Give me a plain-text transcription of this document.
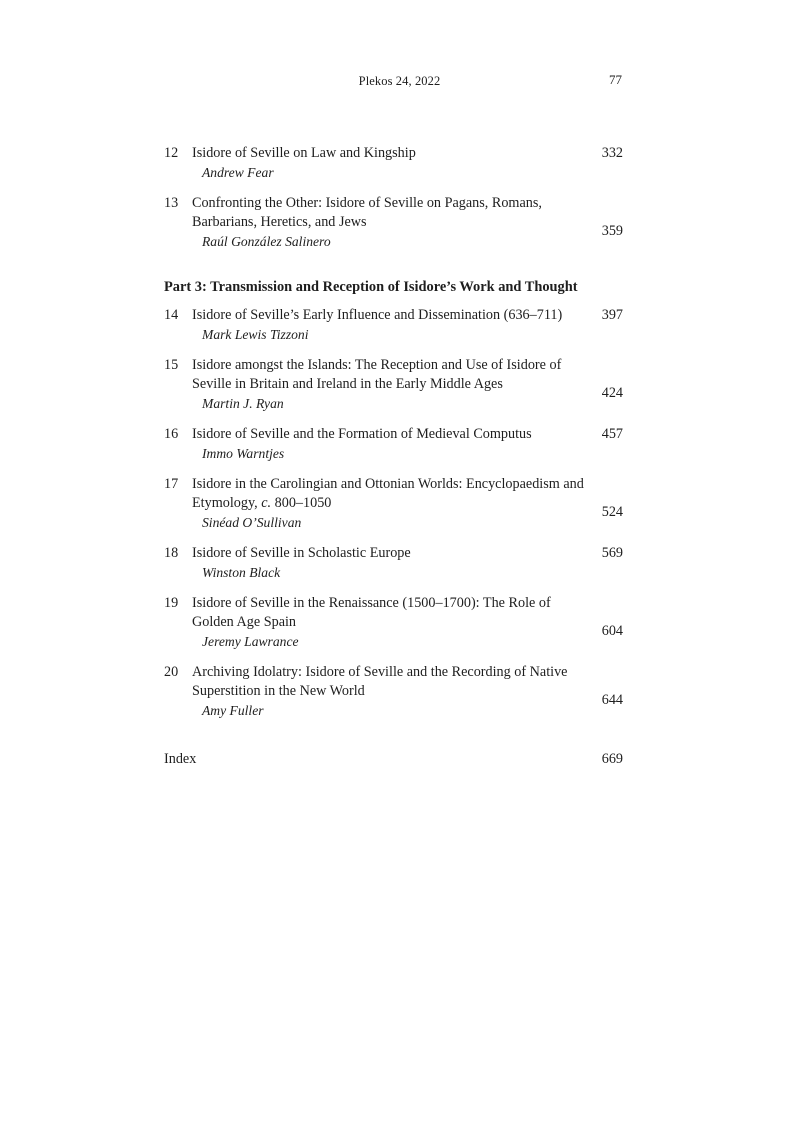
Plekos 24, 2022	77
12 Isidore of Seville on Law and Kingship
Andrew Fear
332
13 Confronting the Other: Isidore of Seville on Pagans, Romans, Barbarians, Heretics, and Jews
Raúl González Salinero
359
Part 3: Transmission and Reception of Isidore’s Work and Thought
14 Isidore of Seville’s Early Influence and Dissemination (636–711)
Mark Lewis Tizzoni
397
15 Isidore amongst the Islands: The Reception and Use of Isidore of Seville in Britain and Ireland in the Early Middle Ages
Martin J. Ryan
424
16 Isidore of Seville and the Formation of Medieval Computus
Immo Warntjes
457
17 Isidore in the Carolingian and Ottonian Worlds: Encyclopaedism and Etymology, c. 800–1050
Sinéad O’Sullivan
524
18 Isidore of Seville in Scholastic Europe
Winston Black
569
19 Isidore of Seville in the Renaissance (1500–1700): The Role of Golden Age Spain
Jeremy Lawrance
604
20 Archiving Idolatry: Isidore of Seville and the Recording of Native Superstition in the New World
Amy Fuller
644
Index	669
